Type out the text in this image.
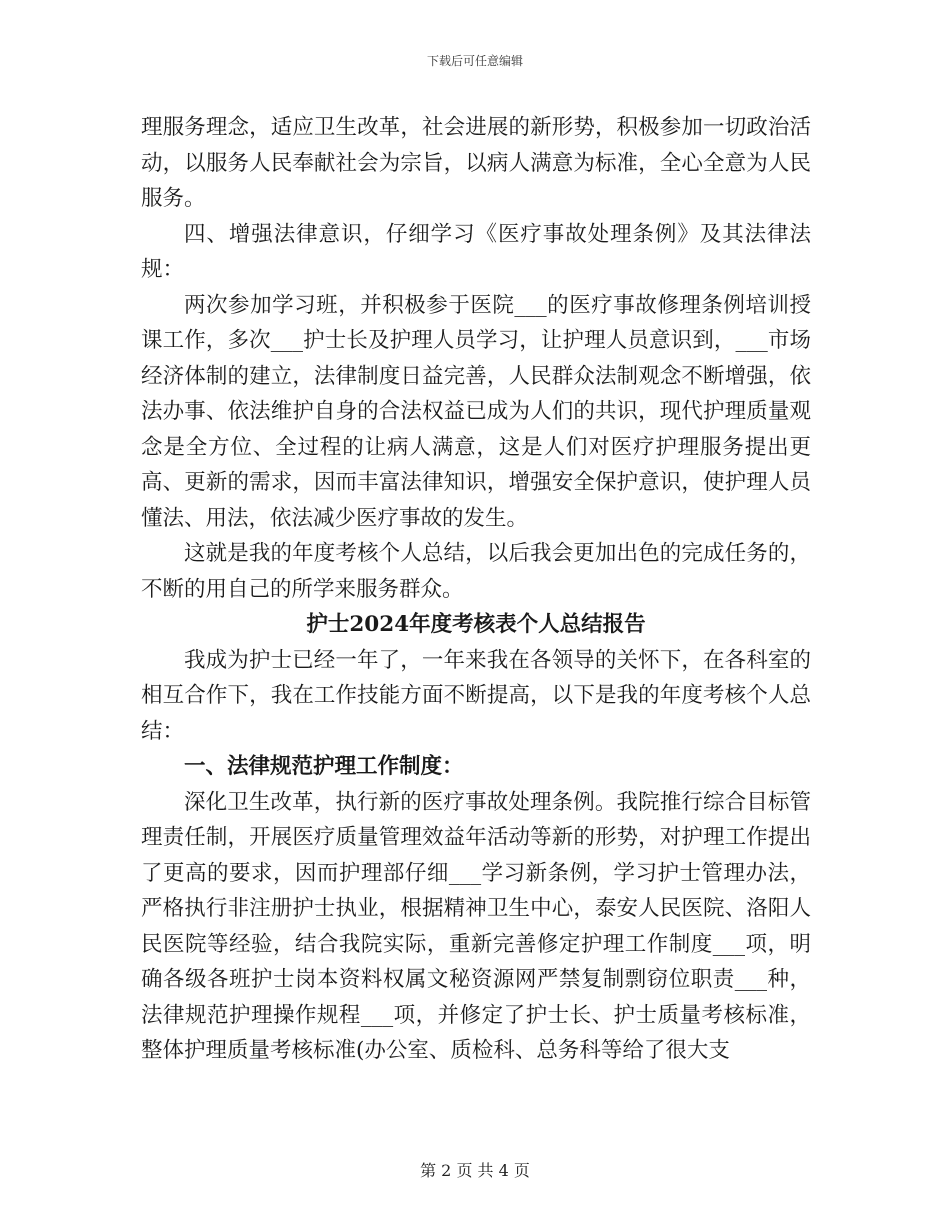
下载后可任意编辑

理服务理念，适应卫生改革，社会进展的新形势，积极参加一切政治活动，以服务人民奉献社会为宗旨，以病人满意为标准，全心全意为人民服务。

四、增强法律意识，仔细学习《医疗事故处理条例》及其法律法规：

两次参加学习班，并积极参于医院___的医疗事故修理条例培训授课工作，多次___护士长及护理人员学习，让护理人员意识到，___市场经济体制的建立，法律制度日益完善，人民群众法制观念不断增强，依法办事、依法维护自身的合法权益已成为人们的共识，现代护理质量观念是全方位、全过程的让病人满意，这是人们对医疗护理服务提出更高、更新的需求，因而丰富法律知识，增强安全保护意识，使护理人员懂法、用法，依法减少医疗事故的发生。

这就是我的年度考核个人总结，以后我会更加出色的完成任务的，不断的用自己的所学来服务群众。

护士2024年度考核表个人总结报告

我成为护士已经一年了，一年来我在各领导的关怀下，在各科室的相互合作下，我在工作技能方面不断提高，以下是我的年度考核个人总结：

一、法律规范护理工作制度：

深化卫生改革，执行新的医疗事故处理条例。我院推行综合目标管理责任制，开展医疗质量管理效益年活动等新的形势，对护理工作提出了更高的要求，因而护理部仔细___学习新条例，学习护士管理办法，严格执行非注册护士执业，根据精神卫生中心，泰安人民医院、洛阳人民医院等经验，结合我院实际，重新完善修定护理工作制度___项，明确各级各班护士岗本资料权属文秘资源网严禁复制剽窃位职责___种，法律规范护理操作规程___项，并修定了护士长、护士质量考核标准，整体护理质量考核标准(办公室、质检科、总务科等给了很大支

第 2 页 共 4 页
